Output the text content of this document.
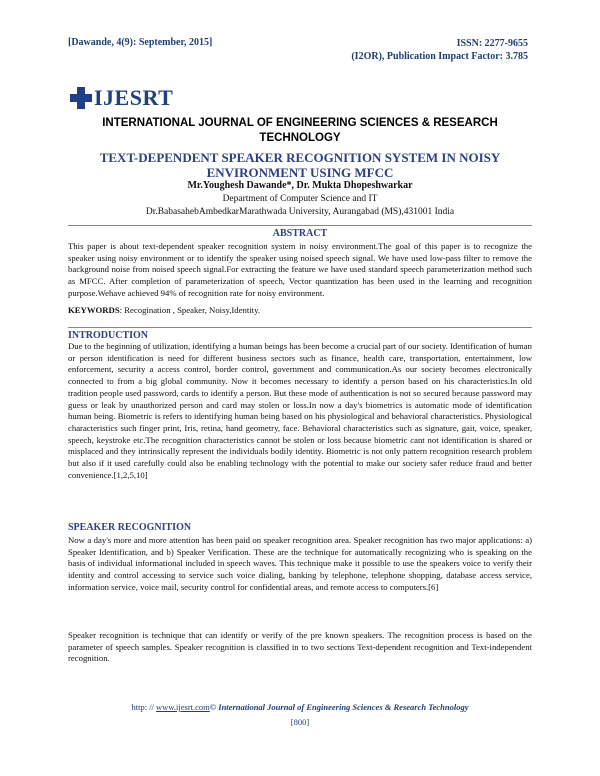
[Dawande, 4(9): September, 2015]	ISSN: 2277-9655
(I2OR), Publication Impact Factor: 3.785
IJESRT
INTERNATIONAL JOURNAL OF ENGINEERING SCIENCES & RESEARCH TECHNOLOGY
TEXT-DEPENDENT SPEAKER RECOGNITION SYSTEM IN NOISY ENVIRONMENT USING MFCC
Mr.Youghesh Dawande*, Dr. Mukta Dhopeshwarkar
Department of Computer Science and IT
Dr.BabasahebAmbedkarMarathwada University, Aurangabad (MS),431001 India
ABSTRACT

This paper is about text-dependent speaker recognition system in noisy environment.The goal of this paper is to recognize the speaker using noisy environment or to identify the speaker using noised speech signal. We have used low-pass filter to remove the background noise from noised speech signal.For extracting the feature we have used standard speech parameterization method such as MFCC. After completion of parameterization of speech, Vector quantization has been used in the learning and recognition purpose.Wehave achieved 94% of recognition rate for noisy environment.

KEYWORDS: Recogination , Speaker, Noisy,Identity.

INTRODUCTION

Due to the beginning of utilization, identifying a human beings has been become a crucial part of our society. Identification of human or person identification is need for different business sectors such as finance, health care, transportation, entertainment, low enforcement, security a access control, border control, government and communication.As our society becomes electronically connected to from a big global community. Now it becomes necessary to identify a person based on his characteristics.In old tradition people used password, cards to identify a person. But these mode of authentication is not so secured because password may guess or leak by unauthorized person and card may stolen or loss.In now a day's biometrics is automatic mode of identification human being. Biometric is refers to identifying human being based on his physiological and behavioral characteristics. Physiological characteristics such finger print, Iris, retina, hand geometry, face. Behavioral characteristics such as signature, gait, voice, speaker, speech, keystroke etc.The recognition characteristics cannot be stolen or loss because biometric cant not identification is shared or misplaced and they intrinsically represent the individuals bodily identity. Biometric is not only pattern recognition research problem but also if it used carefully could also be enabling technology with the potential to make our society safer reduce fraud and better convenience.[1,2,5,10]

SPEAKER RECOGNITION

Now a day's more and more attention has been paid on speaker recognition area. Speaker recognition has two major applications: a) Speaker Identification, and b) Speaker Verification. These are the technique for automatically recognizing who is speaking on the basis of individual informational included in speech waves. This technique make it possible to use the speakers voice to verify their identity and control accessing to service such voice dialing, banking by telephone, telephone shopping, database access service, information service, voice mail, security control for confidential areas, and remote access to computers.[6]

Speaker recognition is technique that can identify or verify of the pre known speakers. The recognition process is based on the parameter of speech samples. Speaker recognition is classified in to two sections Text-dependent recognition and Text-independent recognition.

http: // www.ijesrt.com© International Journal of Engineering Sciences & Research Technology
[800]
